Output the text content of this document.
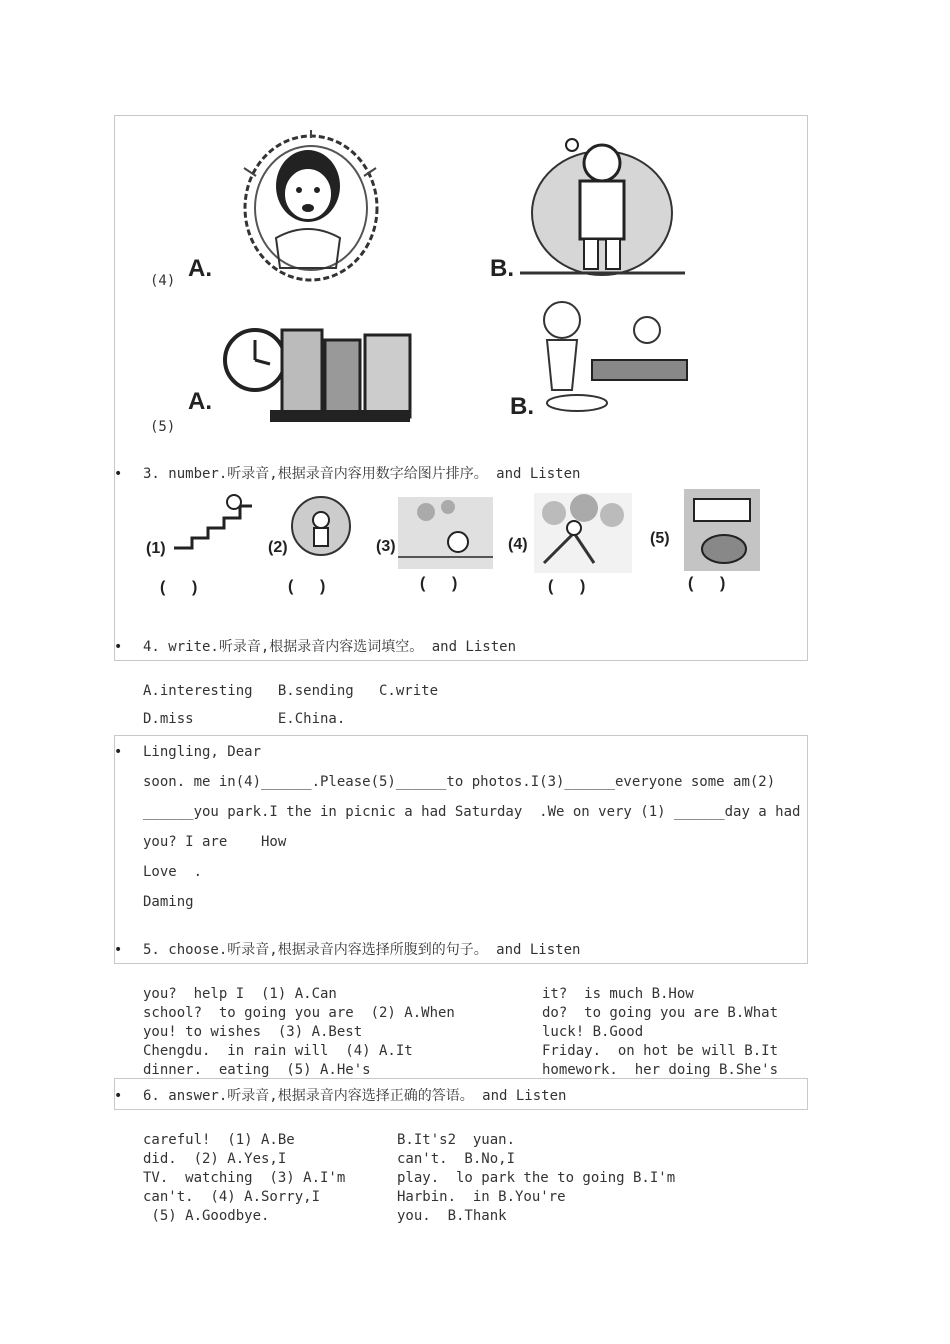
A.
(4)	B.
A.
(5)
B.
• 3. number.听录音,根据录音内容用数字给图片排序。 and Listen
(1)
(      )
(2)
(      )
(3)
(      )
(4)
(      )
(5)
(      )
• 4. write.听录音,根据录音内容选词填空。 and Listen
A.interesting   B.sending   C.write
D.miss          E.China.
• Lingling, Dear
soon. me in(4)______.Please(5)______to photos.I(3)______everyone some am(2)
______you park.I the in picnic a had Saturday  .We on very (1) ______day a had
you? I are    How
Love  .
Daming
• 5. choose.听录音,根据录音内容选择所腹到的句子。 and Listen
you?  help I  (1) A.Can
school?  to going you are  (2) A.When
you! to wishes  (3) A.Best
Chengdu.  in rain will  (4) A.It
dinner.  eating  (5) A.He's
it?  is much B.How
do?  to going you are B.What
luck! B.Good
Friday.  on hot be will B.It
homework.  her doing B.She's
• 6. answer.听录音,根据录音内容选择正确的答语。 and Listen
careful!  (1) A.Be
did.  (2) A.Yes,I
TV.  watching  (3) A.I'm
can't.  (4) A.Sorry,I
(5) A.Goodbye.
B.It's2  yuan.
can't.  B.No,I
play.  lo park the to going B.I'm
Harbin.  in B.You're
you.  B.Thank
